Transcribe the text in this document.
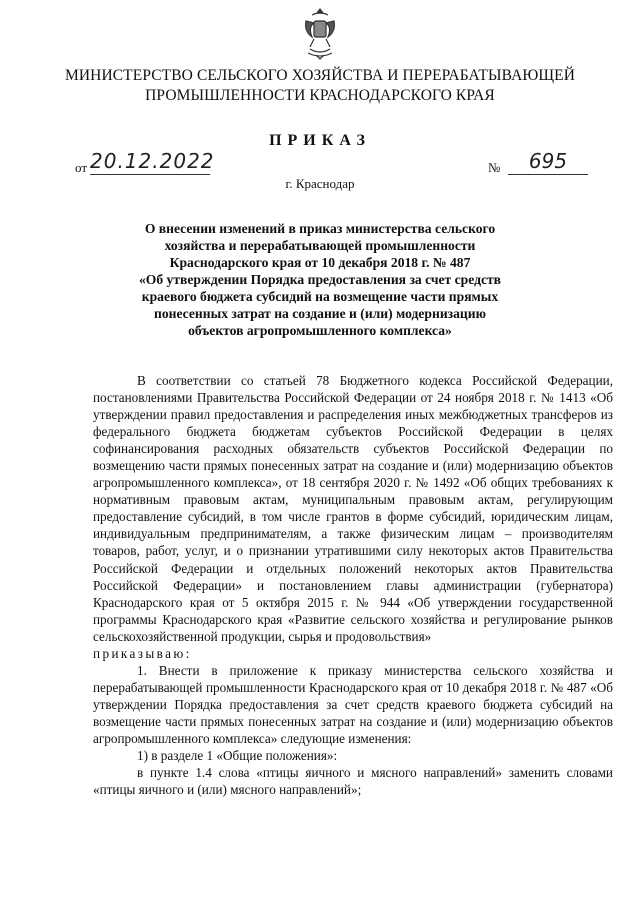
МИНИСТЕРСТВО СЕЛЬСКОГО ХОЗЯЙСТВА И ПЕРЕРАБАТЫВАЮЩЕЙ
ПРОМЫШЛЕННОСТИ КРАСНОДАРСКОГО КРАЯ
ПРИКАЗ
от 20.12.2022	№	695
г. Краснодар
О внесении изменений в приказ министерства сельского
хозяйства и перерабатывающей промышленности
Краснодарского края от 10 декабря 2018 г. № 487
«Об утверждении Порядка предоставления за счет средств
краевого бюджета субсидий на возмещение части прямых
понесенных затрат на создание и (или) модернизацию
объектов агропромышленного комплекса»

В соответствии со статьей 78 Бюджетного кодекса Российской Федерации, постановлениями Правительства Российской Федерации от 24 ноября 2018 г. № 1413 «Об утверждении правил предоставления и распределения иных межбюджетных трансферов из федерального бюджета бюджетам субъектов Российской Федерации в целях софинансирования расходных обязательств субъектов Российской Федерации по возмещению части прямых понесенных затрат на создание и (или) модернизацию объектов агропромышленного комплекса», от 18 сентября 2020 г. № 1492 «Об общих требованиях к нормативным правовым актам, муниципальным правовым актам, регулирующим предоставление субсидий, в том числе грантов в форме субсидий, юридическим лицам, индивидуальным предпринимателям, а также физическим лицам – производителям товаров, работ, услуг, и о признании утратившими силу некоторых актов Правительства Российской Федерации и отдельных положений некоторых актов Правительства Российской Федерации» и постановлением главы администрации (губернатора) Краснодарского края от 5 октября 2015 г. № 944 «Об утверждении государственной программы Краснодарского края «Развитие сельского хозяйства и регулирование рынков сельскохозяйственной продукции, сырья и продовольствия»

приказываю:

1. Внести в приложение к приказу министерства сельского хозяйства и перерабатывающей промышленности Краснодарского края от 10 декабря 2018 г. № 487 «Об утверждении Порядка предоставления за счет средств краевого бюджета субсидий на возмещение части прямых понесенных затрат на создание и (или) модернизацию объектов агропромышленного комплекса» следующие изменения:

1) в разделе 1 «Общие положения»:

в пункте 1.4 слова «птицы яичного и мясного направлений» заменить словами «птицы яичного и (или) мясного направлений»;
